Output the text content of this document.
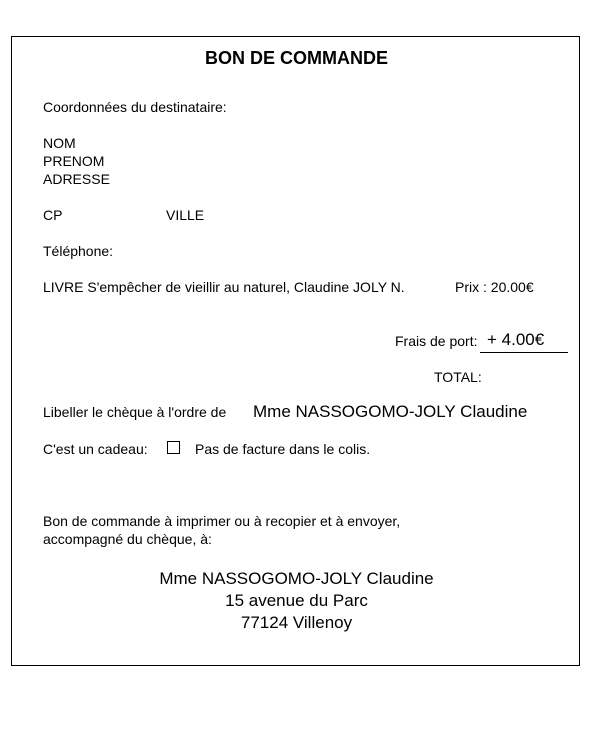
BON DE COMMANDE
Coordonnées du destinataire:
NOM
PRENOM
ADRESSE
CP	VILLE
Téléphone:
LIVRE S'empêcher de vieillir au naturel, Claudine JOLY N.	Prix : 20.00€
Frais de port: + 4.00€
TOTAL:
Libeller le chèque à l'ordre de Mme NASSOGOMO-JOLY Claudine
C'est un cadeau:	Pas de facture dans le colis.
Bon de commande à imprimer ou à recopier et à envoyer,
accompagné du chèque, à:
Mme NASSOGOMO-JOLY Claudine
15 avenue du Parc
77124 Villenoy
